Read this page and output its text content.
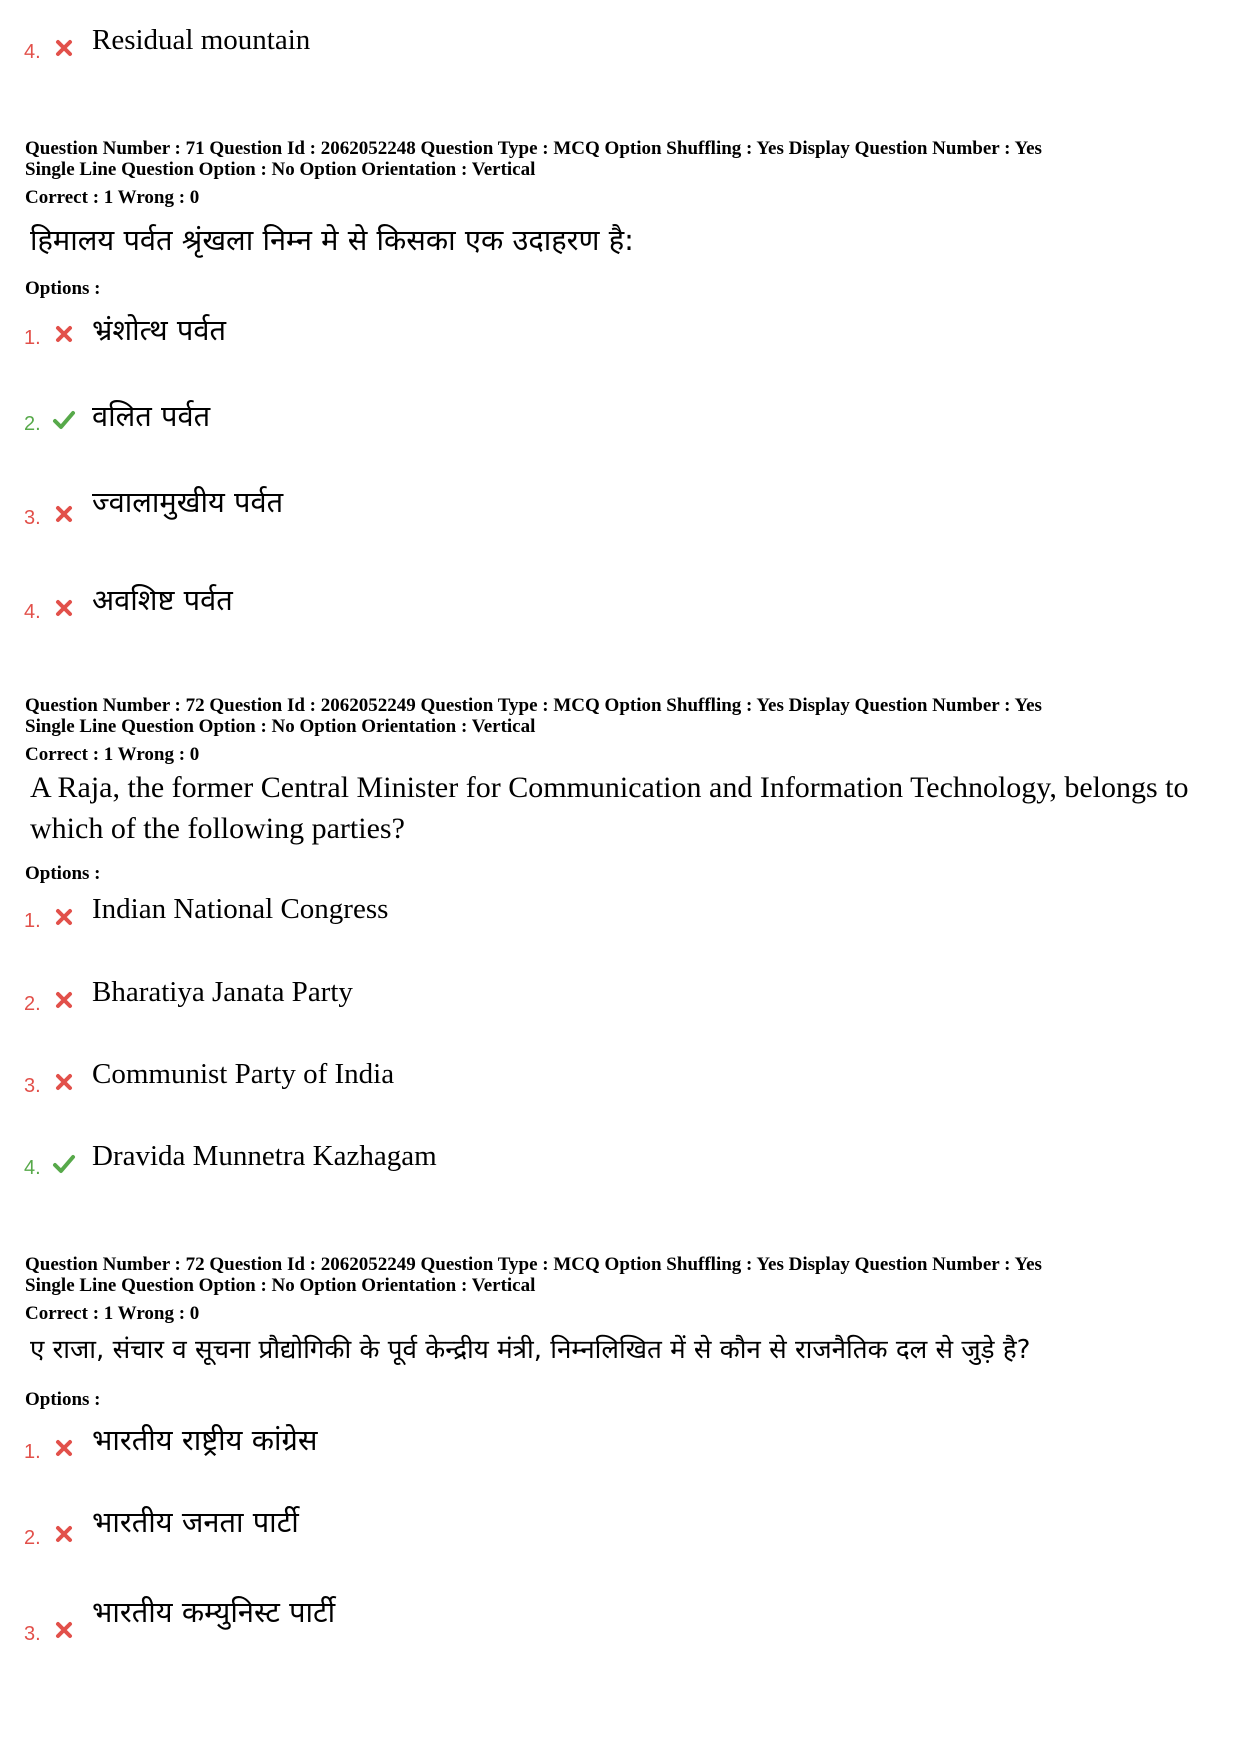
4. Residual mountain
Question Number : 71 Question Id : 2062052248 Question Type : MCQ Option Shuffling : Yes Display Question Number : Yes
Single Line Question Option : No Option Orientation : Vertical
Correct : 1 Wrong : 0
हिमालय पर्वत श्रृंखला निम्न मे से किसका एक उदाहरण है:
Options :
1. भ्रंशोत्थ पर्वत
2. वलित पर्वत
3. ज्वालामुखीय पर्वत
4. अवशिष्ट पर्वत
Question Number : 72 Question Id : 2062052249 Question Type : MCQ Option Shuffling : Yes Display Question Number : Yes
Single Line Question Option : No Option Orientation : Vertical
Correct : 1 Wrong : 0
A Raja, the former Central Minister for Communication and Information Technology, belongs to which of the following parties?
Options :
1. Indian National Congress
2. Bharatiya Janata Party
3. Communist Party of India
4. Dravida Munnetra Kazhagam
Question Number : 72 Question Id : 2062052249 Question Type : MCQ Option Shuffling : Yes Display Question Number : Yes
Single Line Question Option : No Option Orientation : Vertical
Correct : 1 Wrong : 0
ए राजा, संचार व सूचना प्रौद्योगिकी के पूर्व केन्द्रीय मंत्री, निम्नलिखित में से कौन से राजनैतिक दल से जुड़े है?
Options :
1. भारतीय राष्ट्रीय कांग्रेस
2. भारतीय जनता पार्टी
3.
भारतीय कम्युनिस्ट पार्टी
